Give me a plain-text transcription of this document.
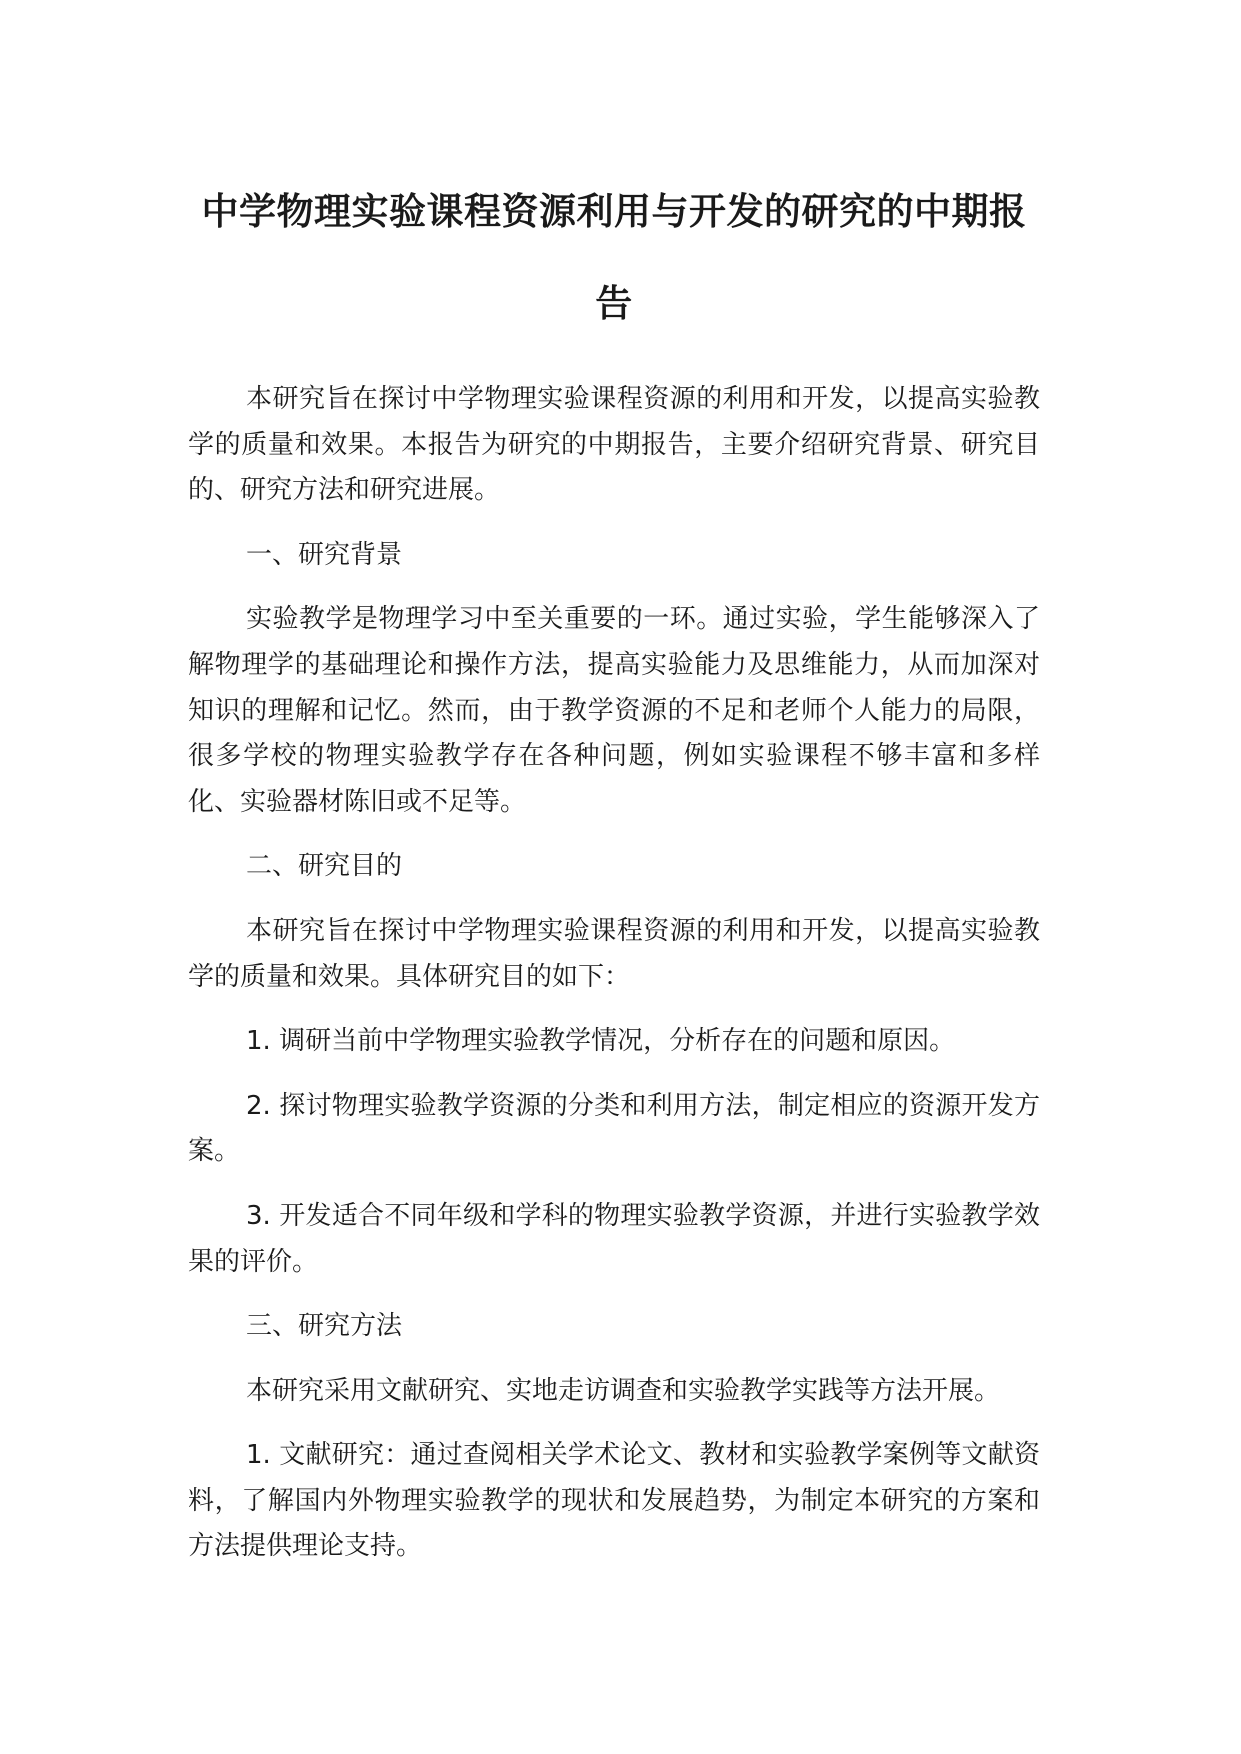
中学物理实验课程资源利用与开发的研究的中期报告

本研究旨在探讨中学物理实验课程资源的利用和开发，以提高实验教学的质量和效果。本报告为研究的中期报告，主要介绍研究背景、研究目的、研究方法和研究进展。

一、研究背景

实验教学是物理学习中至关重要的一环。通过实验，学生能够深入了解物理学的基础理论和操作方法，提高实验能力及思维能力，从而加深对知识的理解和记忆。然而，由于教学资源的不足和老师个人能力的局限，很多学校的物理实验教学存在各种问题，例如实验课程不够丰富和多样化、实验器材陈旧或不足等。

二、研究目的

本研究旨在探讨中学物理实验课程资源的利用和开发，以提高实验教学的质量和效果。具体研究目的如下：

1. 调研当前中学物理实验教学情况，分析存在的问题和原因。

2. 探讨物理实验教学资源的分类和利用方法，制定相应的资源开发方案。

3. 开发适合不同年级和学科的物理实验教学资源，并进行实验教学效果的评价。

三、研究方法

本研究采用文献研究、实地走访调查和实验教学实践等方法开展。

1. 文献研究：通过查阅相关学术论文、教材和实验教学案例等文献资料，了解国内外物理实验教学的现状和发展趋势，为制定本研究的方案和方法提供理论支持。
